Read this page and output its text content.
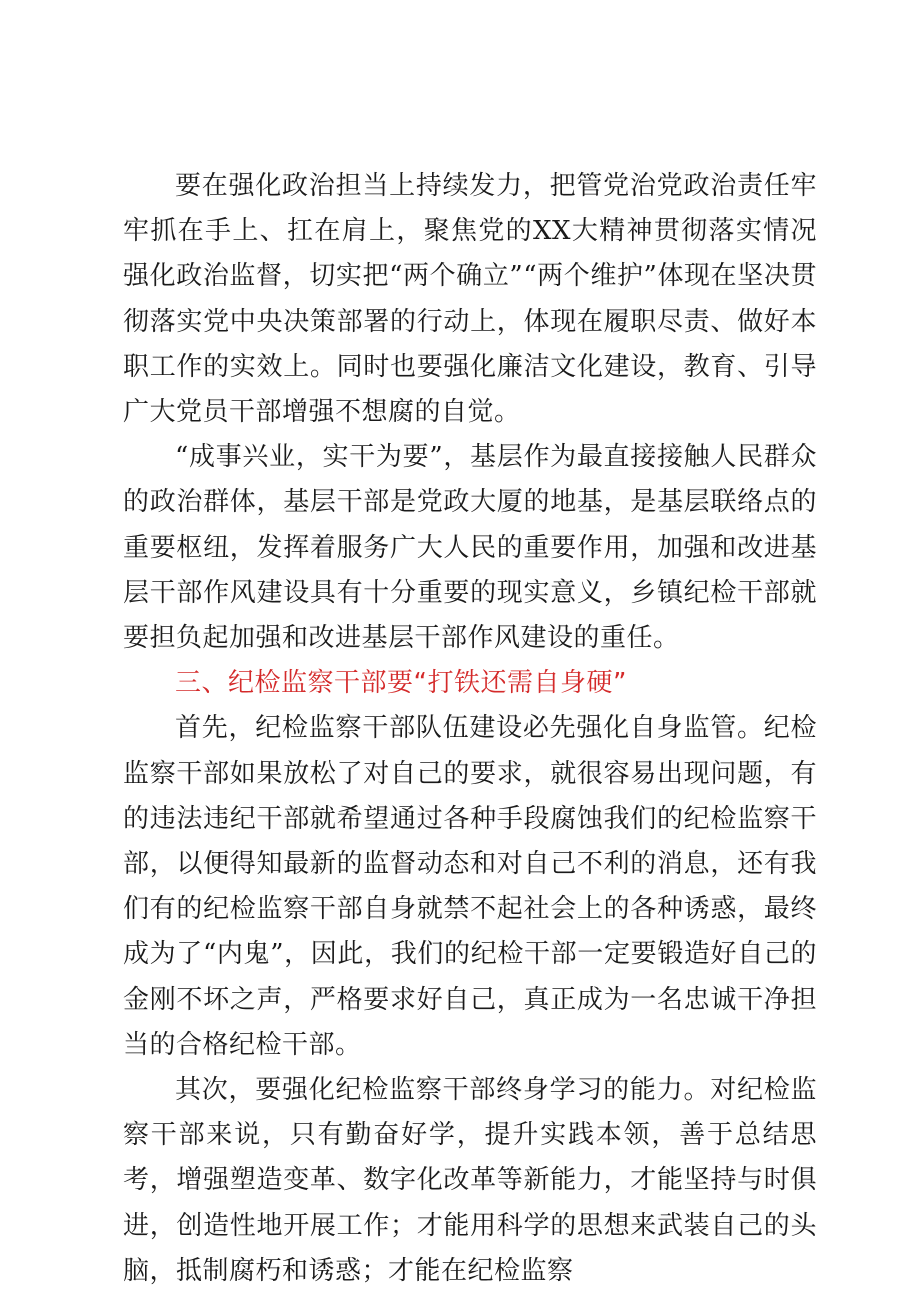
要在强化政治担当上持续发力，把管党治党政治责任牢牢抓在手上、扛在肩上，聚焦党的XX大精神贯彻落实情况强化政治监督，切实把“两个确立”“两个维护”体现在坚决贯彻落实党中央决策部署的行动上，体现在履职尽责、做好本职工作的实效上。同时也要强化廉洁文化建设，教育、引导广大党员干部增强不想腐的自觉。

“成事兴业，实干为要”，基层作为最直接接触人民群众的政治群体，基层干部是党政大厦的地基，是基层联络点的重要枢纽，发挥着服务广大人民的重要作用，加强和改进基层干部作风建设具有十分重要的现实意义，乡镇纪检干部就要担负起加强和改进基层干部作风建设的重任。

三、纪检监察干部要“打铁还需自身硬”

首先，纪检监察干部队伍建设必先强化自身监管。纪检监察干部如果放松了对自己的要求，就很容易出现问题，有的违法违纪干部就希望通过各种手段腐蚀我们的纪检监察干部，以便得知最新的监督动态和对自己不利的消息，还有我们有的纪检监察干部自身就禁不起社会上的各种诱惑，最终成为了“内鬼”，因此，我们的纪检干部一定要锻造好自己的金刚不坏之声，严格要求好自己，真正成为一名忠诚干净担当的合格纪检干部。

其次，要强化纪检监察干部终身学习的能力。对纪检监察干部来说，只有勤奋好学，提升实践本领，善于总结思考，增强塑造变革、数字化改革等新能力，才能坚持与时俱进，创造性地开展工作；才能用科学的思想来武装自己的头脑，抵制腐朽和诱惑；才能在纪检监察
